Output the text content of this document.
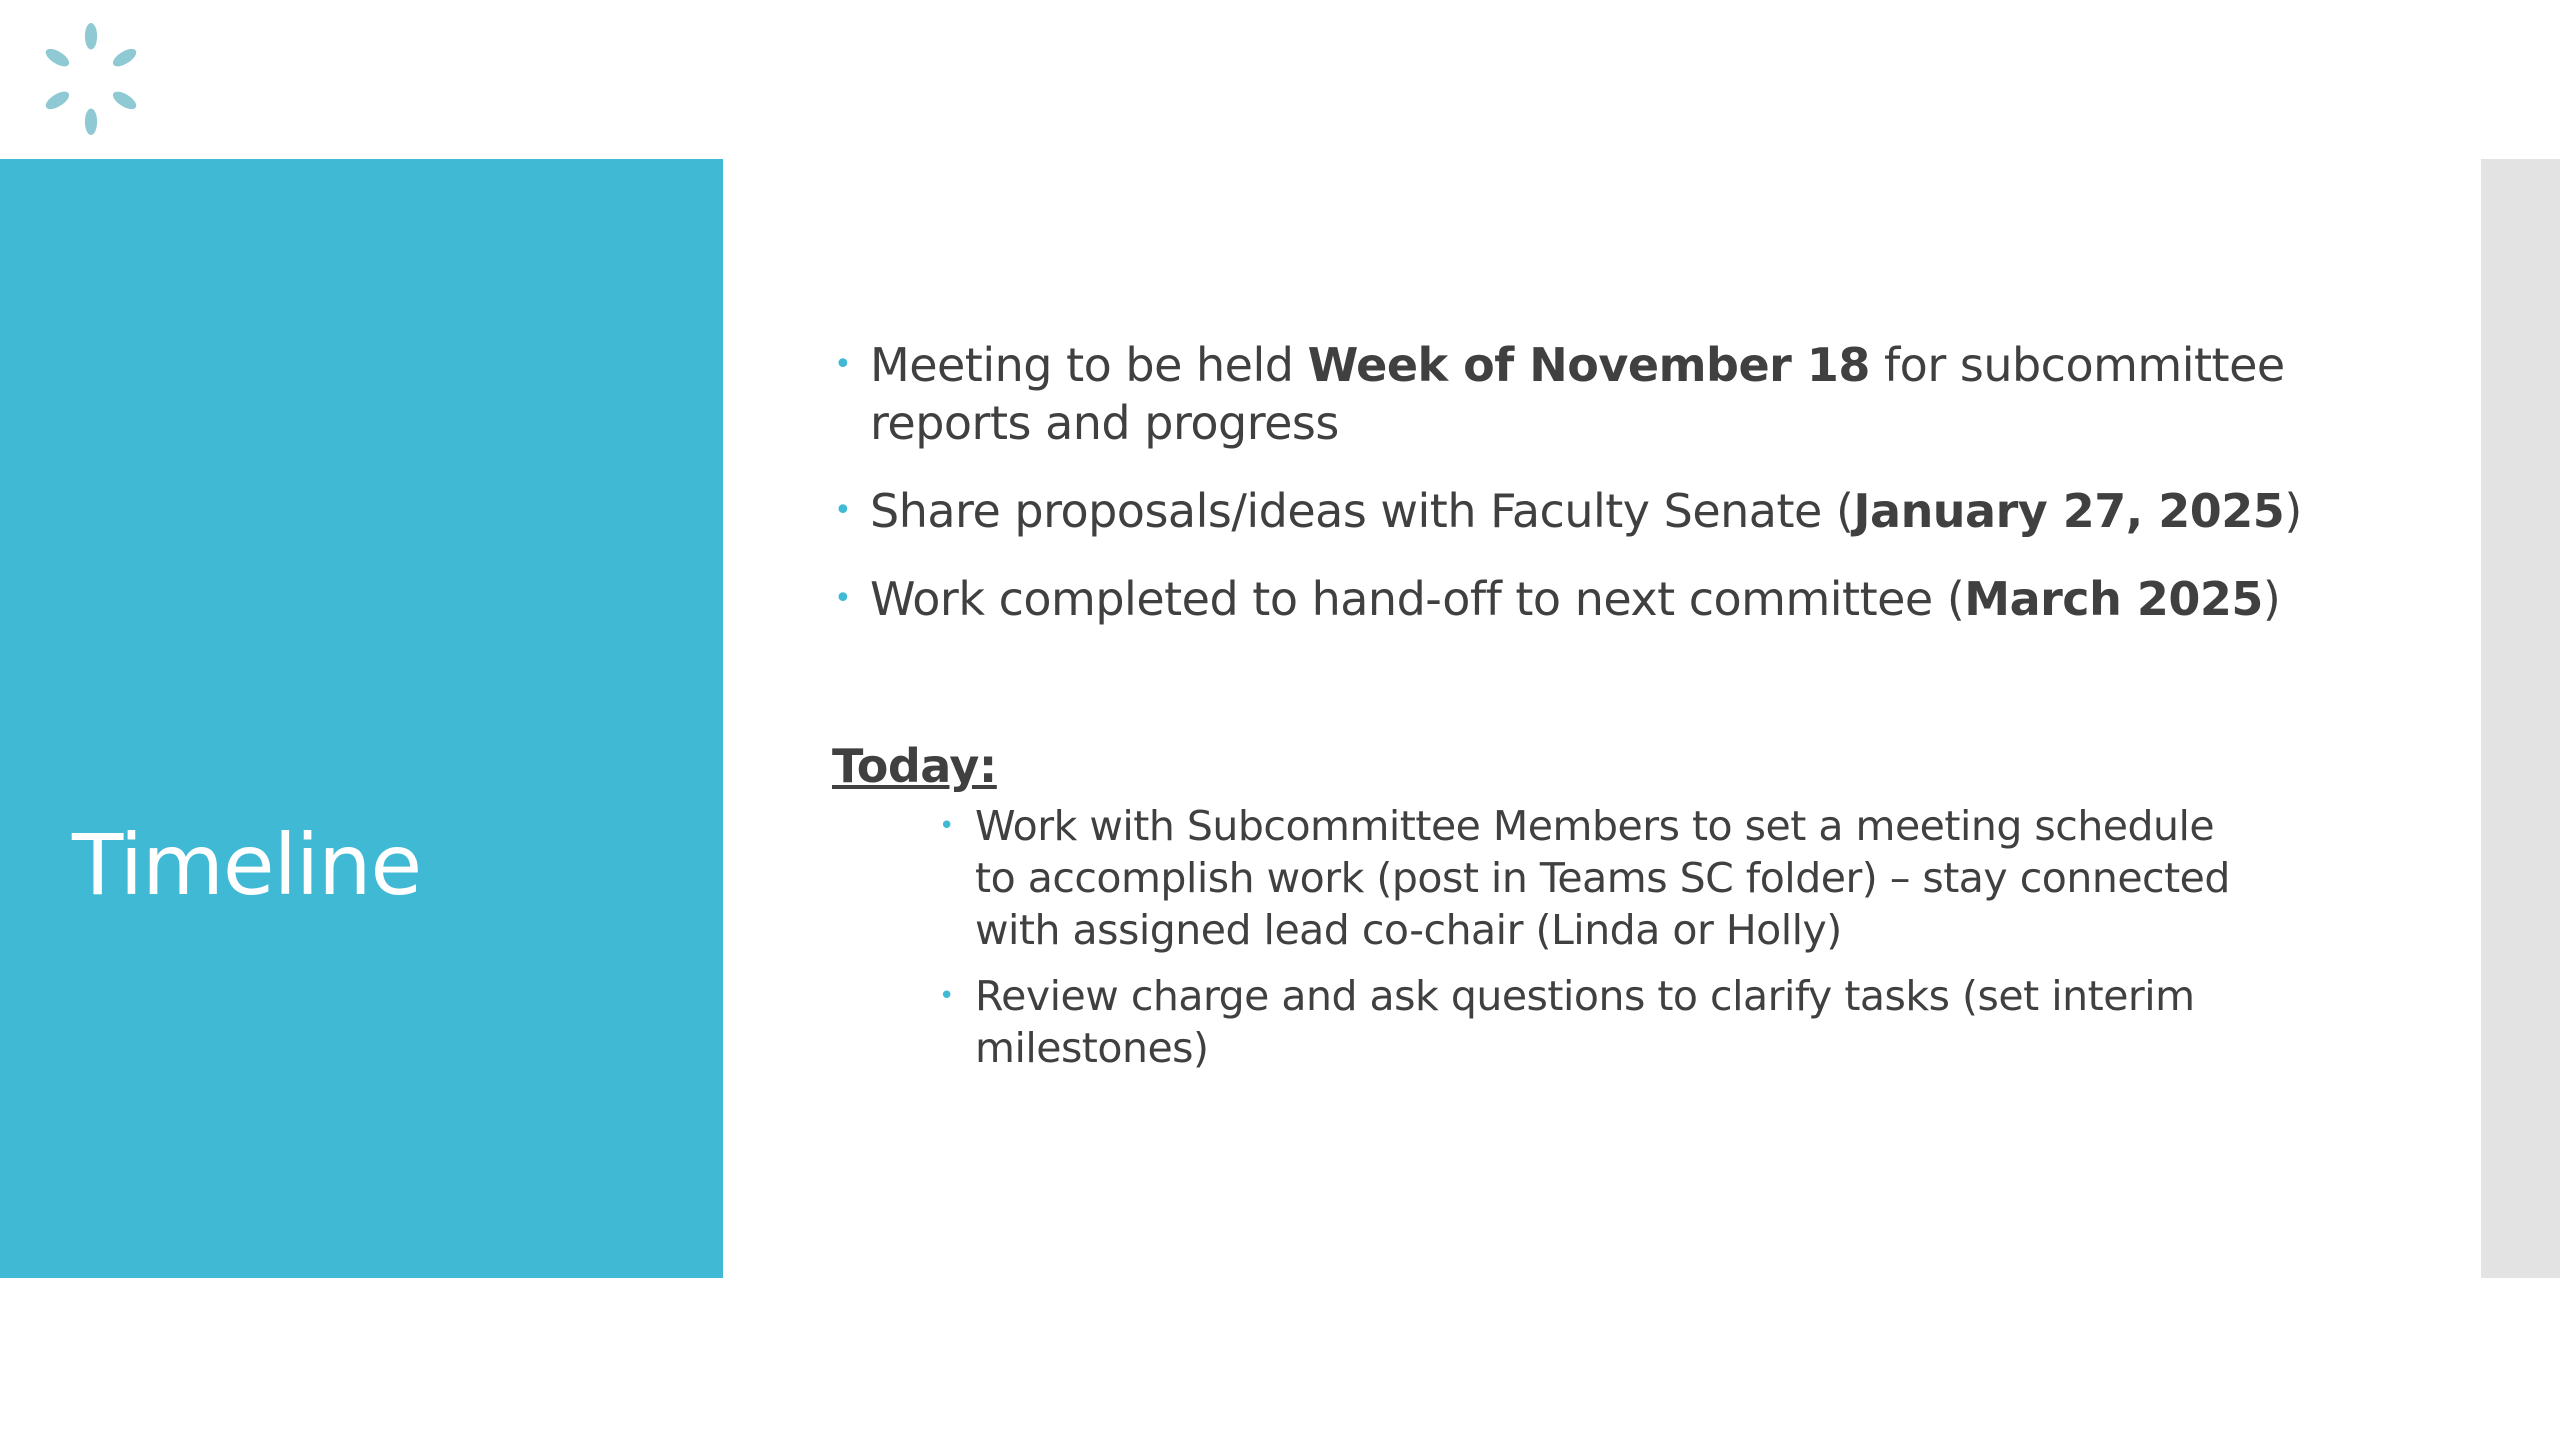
Timeline
• Meeting to be held Week of November 18 for subcommittee reports and progress
• Share proposals/ideas with Faculty Senate (January 27, 2025)
• Work completed to hand-off to next committee (March 2025)
Today:
• Work with Subcommittee Members to set a meeting schedule to accomplish work (post in Teams SC folder) – stay connected with assigned lead co-chair (Linda or Holly)
• Review charge and ask questions to clarify tasks (set interim milestones)
